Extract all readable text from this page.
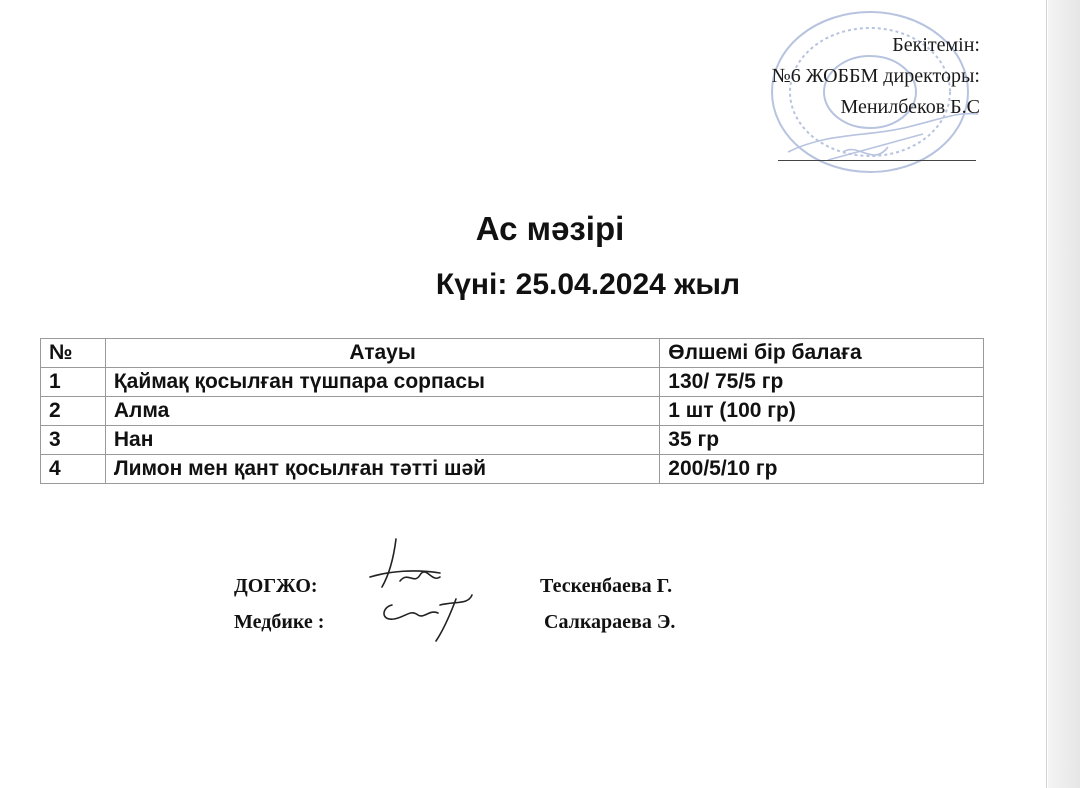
Бекітемін:
№6 ЖОББМ директоры:
Менилбеков Б.С
Ас мәзірі
Күні: 25.04.2024 жыл
№	Атауы	Өлшемі бір балаға
1	Қаймақ қосылған түшпара сорпасы	130/ 75/5 гр
2	Алма	1 шт (100 гр)
3	Нан	35 гр
4	Лимон мен қант қосылған тәтті шәй	200/5/10 гр
ДОГЖО:	Тескенбаева Г.
Медбике :	Салкараева Э.
